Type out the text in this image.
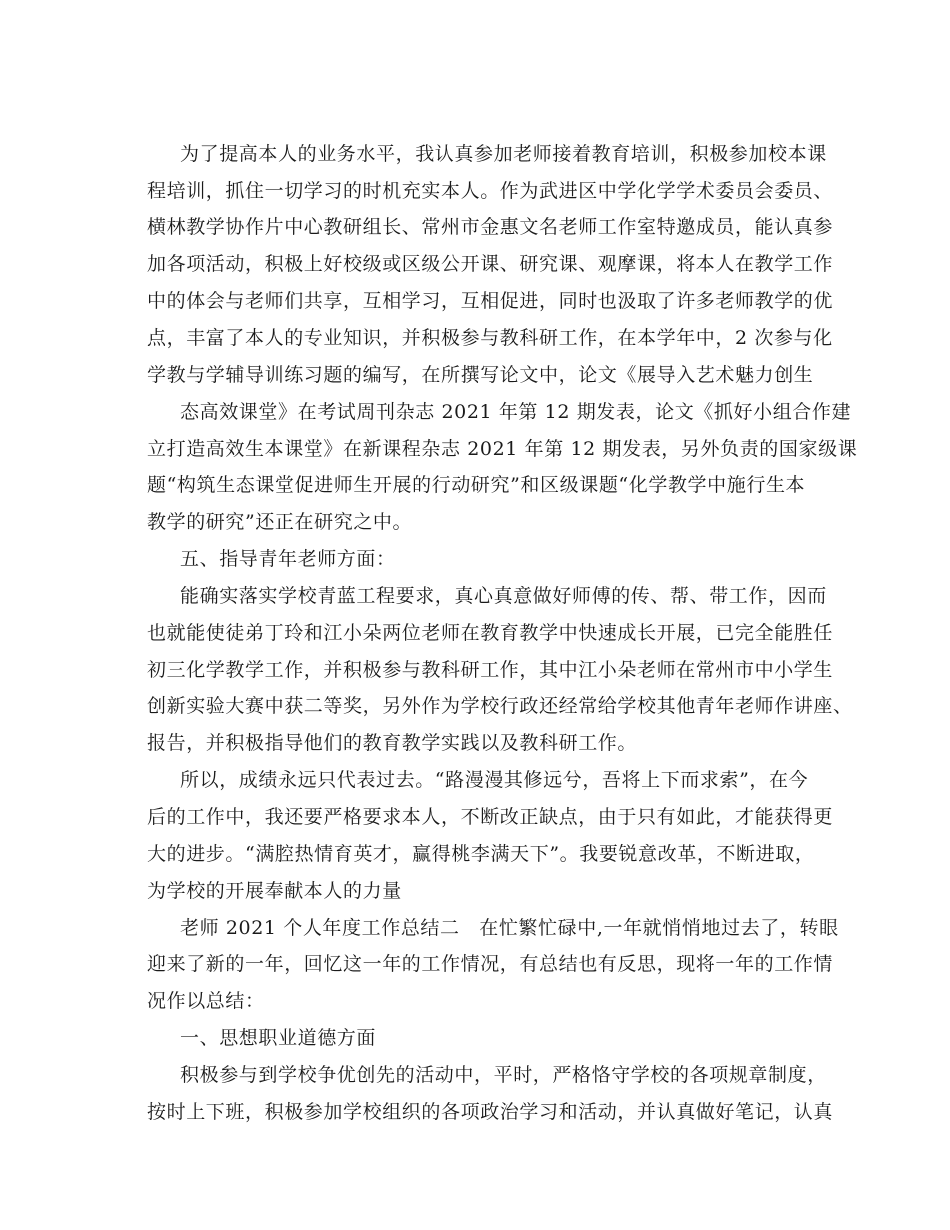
为了提高本人的业务水平，我认真参加老师接着教育培训，积极参加校本课
程培训，抓住一切学习的时机充实本人。作为武进区中学化学学术委员会委员、
横林教学协作片中心教研组长、常州市金惠文名老师工作室特邀成员，能认真参
加各项活动，积极上好校级或区级公开课、研究课、观摩课，将本人在教学工作
中的体会与老师们共享，互相学习，互相促进，同时也汲取了许多老师教学的优
点，丰富了本人的专业知识，并积极参与教科研工作，在本学年中，2 次参与化
学教与学辅导训练习题的编写，在所撰写论文中，论文《展导入艺术魅力创生
态高效课堂》在考试周刊杂志 2021 年第 12 期发表，论文《抓好小组合作建
立打造高效生本课堂》在新课程杂志 2021 年第 12 期发表，另外负责的国家级课
题“构筑生态课堂促进师生开展的行动研究”和区级课题“化学教学中施行生本
教学的研究”还正在研究之中。
五、指导青年老师方面：
能确实落实学校青蓝工程要求，真心真意做好师傅的传、帮、带工作，因而
也就能使徒弟丁玲和江小朵两位老师在教育教学中快速成长开展，已完全能胜任
初三化学教学工作，并积极参与教科研工作，其中江小朵老师在常州市中小学生
创新实验大赛中获二等奖，另外作为学校行政还经常给学校其他青年老师作讲座、
报告，并积极指导他们的教育教学实践以及教科研工作。
所以，成绩永远只代表过去。“路漫漫其修远兮，吾将上下而求索”，在今
后的工作中，我还要严格要求本人，不断改正缺点，由于只有如此，才能获得更
大的进步。“满腔热情育英才，赢得桃李满天下”。我要锐意改革，不断进取，
为学校的开展奉献本人的力量
老师 2021 个人年度工作总结二　在忙繁忙碌中,一年就悄悄地过去了，转眼
迎来了新的一年，回忆这一年的工作情况，有总结也有反思，现将一年的工作情
况作以总结：
一、思想职业道德方面
积极参与到学校争优创先的活动中，平时，严格恪守学校的各项规章制度，
按时上下班，积极参加学校组织的各项政治学习和活动，并认真做好笔记，认真
